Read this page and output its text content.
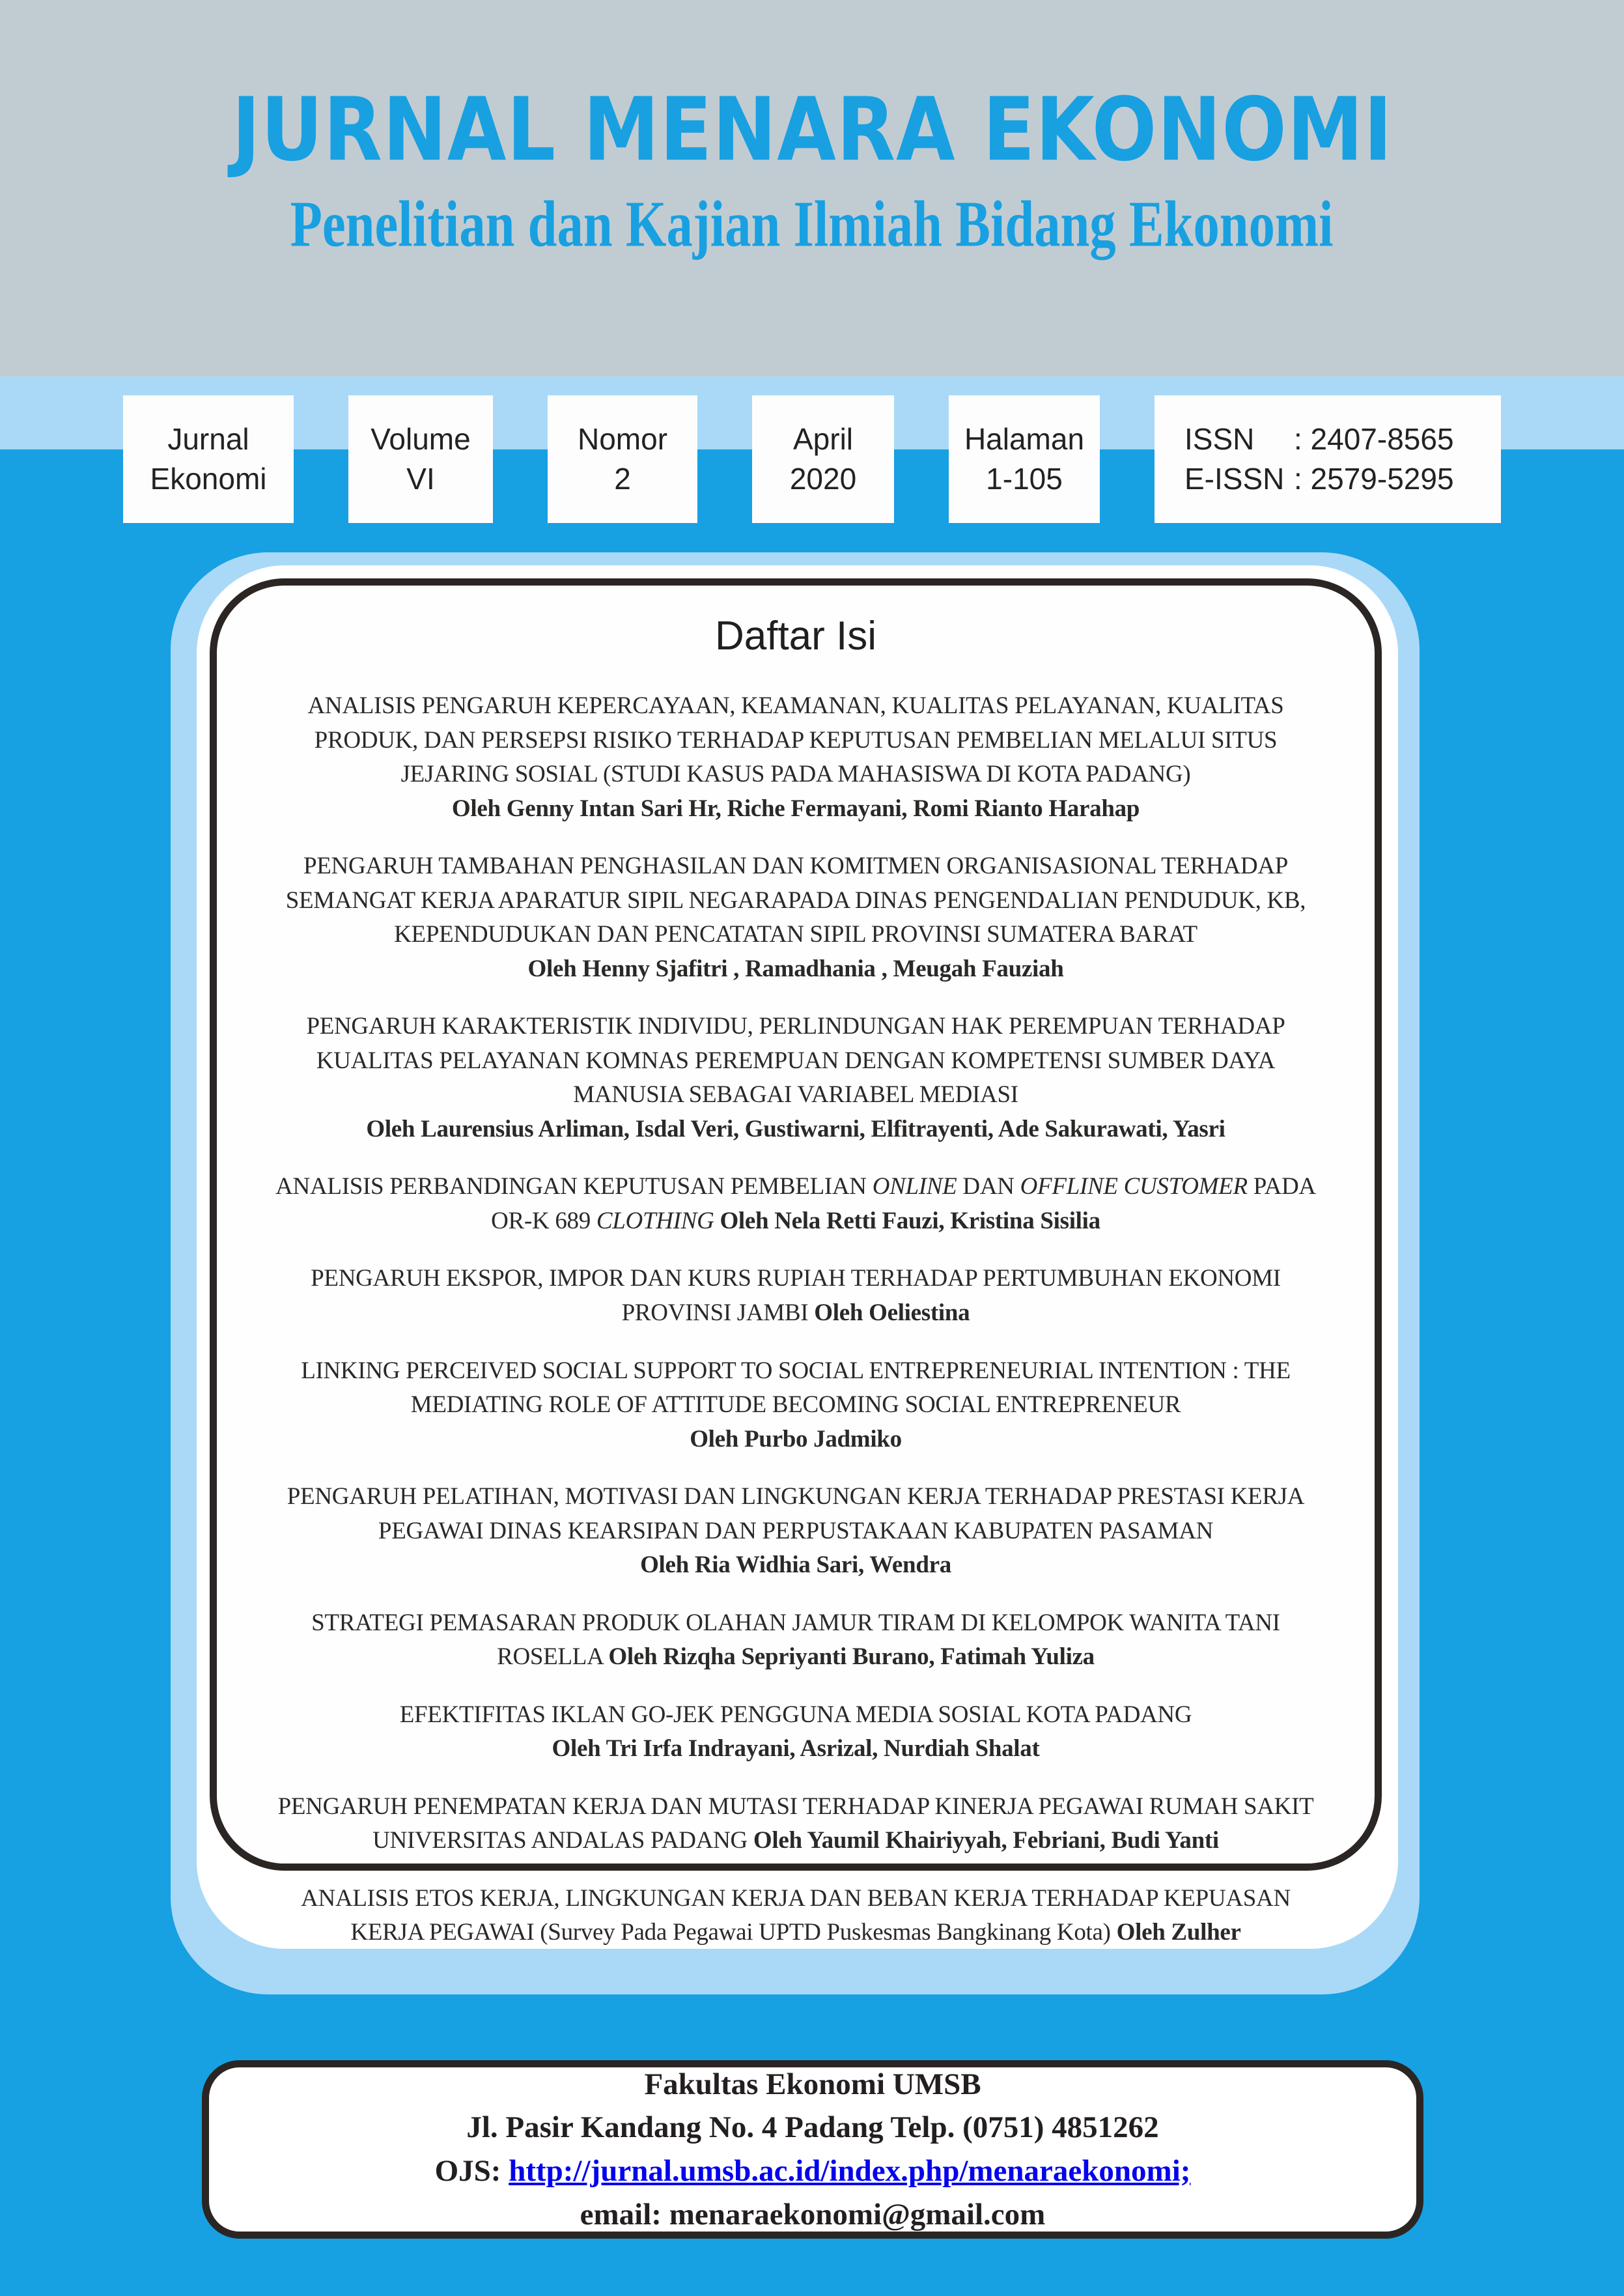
JURNAL MENARA EKONOMI
Penelitian dan Kajian Ilmiah Bidang Ekonomi
Jurnal
Ekonomi
Volume
VI
Nomor
2
April
2020
Halaman
1-105
ISSN	: 2407-8565
E-ISSN : 2579-5295
Daftar Isi
ANALISIS PENGARUH KEPERCAYAAN, KEAMANAN, KUALITAS PELAYANAN, KUALITAS PRODUK, DAN PERSEPSI RISIKO TERHADAP KEPUTUSAN PEMBELIAN MELALUI SITUS JEJARING SOSIAL (STUDI KASUS PADA MAHASISWA DI KOTA PADANG)
Oleh Genny Intan Sari Hr, Riche Fermayani, Romi Rianto Harahap
PENGARUH TAMBAHAN PENGHASILAN DAN KOMITMEN ORGANISASIONAL TERHADAP SEMANGAT KERJA APARATUR SIPIL NEGARAPADA DINAS PENGENDALIAN PENDUDUK, KB, KEPENDUDUKAN DAN PENCATATAN SIPIL PROVINSI SUMATERA BARAT
Oleh Henny Sjafitri , Ramadhania , Meugah Fauziah
PENGARUH KARAKTERISTIK INDIVIDU, PERLINDUNGAN HAK PEREMPUAN TERHADAP KUALITAS PELAYANAN KOMNAS PEREMPUAN DENGAN KOMPETENSI SUMBER DAYA MANUSIA SEBAGAI VARIABEL MEDIASI
Oleh Laurensius Arliman, Isdal Veri, Gustiwarni, Elfitrayenti, Ade Sakurawati, Yasri
ANALISIS PERBANDINGAN KEPUTUSAN PEMBELIAN ONLINE DAN OFFLINE CUSTOMER PADA OR-K 689 CLOTHING Oleh Nela Retti Fauzi, Kristina Sisilia
PENGARUH EKSPOR, IMPOR DAN KURS RUPIAH TERHADAP PERTUMBUHAN EKONOMI PROVINSI JAMBI Oleh Oeliestina
LINKING PERCEIVED SOCIAL SUPPORT TO SOCIAL ENTREPRENEURIAL INTENTION : THE MEDIATING ROLE OF ATTITUDE BECOMING SOCIAL ENTREPRENEUR
Oleh Purbo Jadmiko
PENGARUH PELATIHAN, MOTIVASI DAN LINGKUNGAN KERJA TERHADAP PRESTASI KERJA PEGAWAI DINAS KEARSIPAN DAN PERPUSTAKAAN KABUPATEN PASAMAN
Oleh Ria Widhia Sari, Wendra
STRATEGI PEMASARAN PRODUK OLAHAN JAMUR TIRAM DI KELOMPOK WANITA TANI ROSELLA Oleh Rizqha Sepriyanti Burano, Fatimah Yuliza
EFEKTIFITAS IKLAN GO-JEK PENGGUNA MEDIA SOSIAL KOTA PADANG
Oleh Tri Irfa Indrayani, Asrizal, Nurdiah Shalat
PENGARUH PENEMPATAN KERJA DAN MUTASI TERHADAP KINERJA PEGAWAI RUMAH SAKIT UNIVERSITAS ANDALAS PADANG Oleh Yaumil Khairiyyah, Febriani, Budi Yanti
ANALISIS ETOS KERJA, LINGKUNGAN KERJA DAN BEBAN KERJA TERHADAP KEPUASAN KERJA PEGAWAI (Survey Pada Pegawai UPTD Puskesmas Bangkinang Kota) Oleh Zulher
Fakultas Ekonomi UMSB
Jl. Pasir Kandang No. 4 Padang Telp. (0751) 4851262
OJS: http://jurnal.umsb.ac.id/index.php/menaraekonomi;
email: menaraekonomi@gmail.com
